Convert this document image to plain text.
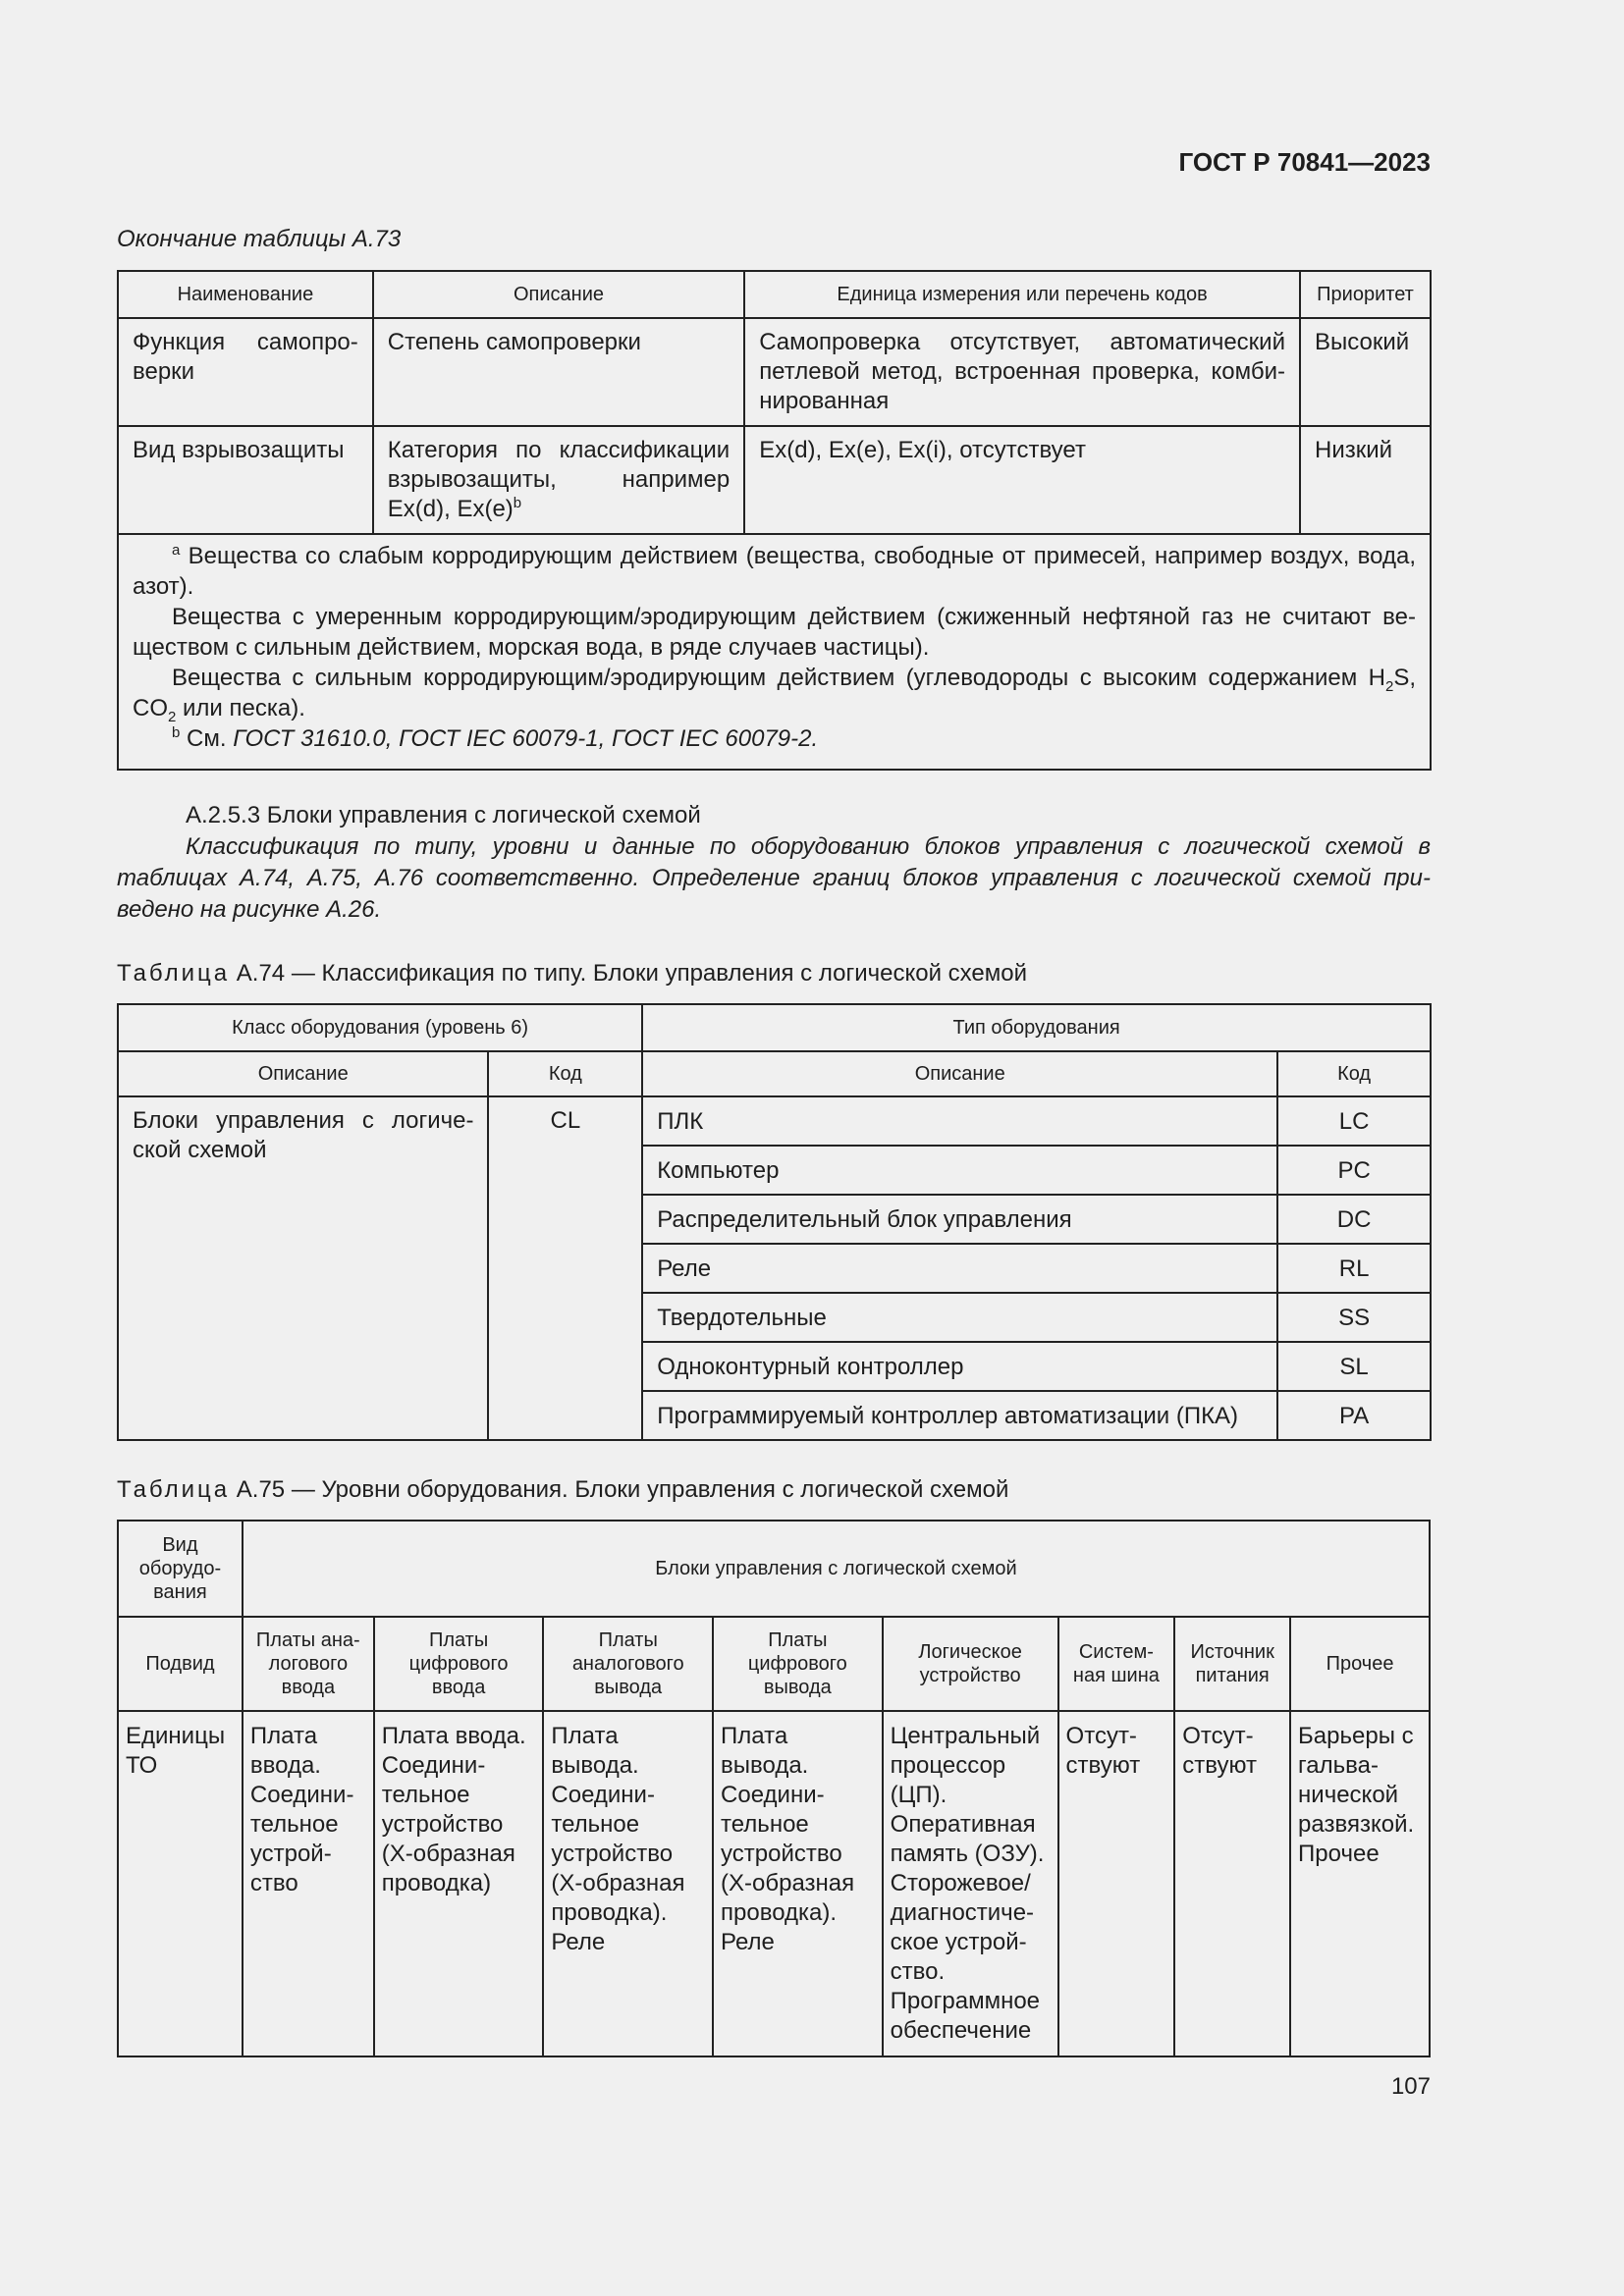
ГОСТ Р 70841—2023
Окончание таблицы А.73
Наименование	Описание	Единица измерения или перечень кодов	Приоритет
Функция самопро-верки	Степень самопроверки	Самопроверка отсутствует, автоматический петлевой метод, встроенная проверка, комби-нированная	Высокий
Вид взрывозащиты	Категория по классификации взрывозащиты, например Ex(d), $Ex(e)^b$	Ex(d), Ex(e), Ex(i), отсутствует	Низкий

$^a$ Вещества со слабым корродирующим действием (вещества, свободные от примесей, например воздух, вода, азот).

Вещества с умеренным корродирующим/эродирующим действием (сжиженный нефтяной газ не считают ве-ществом с сильным действием, морская вода, в ряде случаев частицы).

Вещества с сильным корродирующим/эродирующим действием (углеводороды с высоким содержанием $H_2S$, $CO_2$ или песка).

$^b$ См. ГОСТ 31610.0, ГОСТ IEC 60079-1, ГОСТ IEC 60079-2.			

А.2.5.3 Блоки управления с логической схемой

Классификация по типу, уровни и данные по оборудованию блоков управления с логической схемой в таблицах А.74, А.75, А.76 соответственно. Определение границ блоков управления с логической схемой при-ведено на рисунке А.26.

Таблица А.74 — Классификация по типу. Блоки управления с логической схемой
Класс оборудования (уровень 6)		Тип оборудования	
Описание	Код	Описание	Код
Блоки управления с логиче-ской схемой	CL	ПЛК	LC
		Компьютер	PC
		Распределительный блок управления	DC
		Реле	RL
		Твердотельные	SS
		Одноконтурный контроллер	SL
		Программируемый контроллер автоматизации (ПКА)	PA
Таблица А.75 — Уровни оборудования. Блоки управления с логической схемой
Вид оборудо-вания	Блоки управления с логической схемой							
Подвид	Платы ана-логового ввода	Платы цифрового ввода	Платы аналогового вывода	Платы цифрового вывода	Логическое устройство	Систем-ная шина	Источник питания	Прочее
Единицы ТО	Плата ввода. Соедини-тельное устрой-ство	Плата ввода. Соедини-тельное устройство (Х-образная проводка)	Плата вывода. Соедини-тельное устройство (Х-образная проводка). Реле	Плата вывода. Соедини-тельное устройство (Х-образная проводка). Реле	Центральный процессор (ЦП). Оперативная память (ОЗУ). Сторожевое/ диагностиче-ское устрой-ство. Программное обеспечение	Отсут-ствуют	Отсут-ствуют	Барьеры с гальва-нической развязкой. Прочее
107
